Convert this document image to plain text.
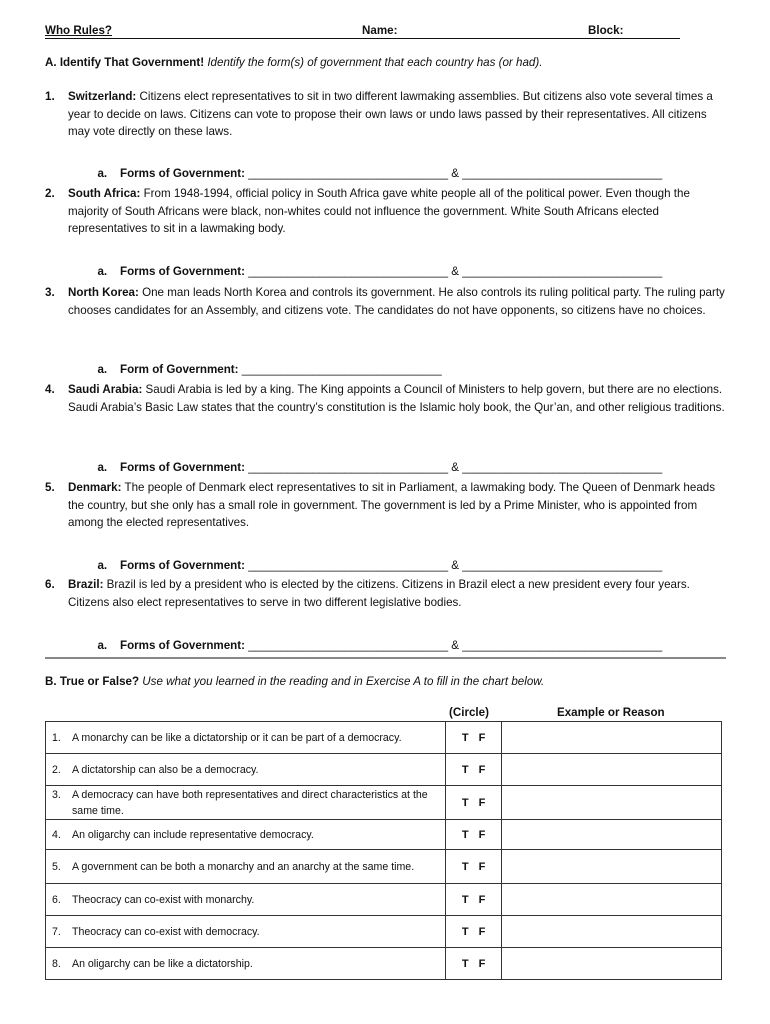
Who Rules?	Name:	Block:
A. Identify That Government! Identify the form(s) of government that each country has (or had).
1. Switzerland: Citizens elect representatives to sit in two different lawmaking assemblies. But citizens also vote several times a year to decide on laws. Citizens can vote to propose their own laws or undo laws passed by their representatives. All citizens may vote directly on these laws.

a.    Forms of Government: _______________________________ & _______________________________

2. South Africa: From 1948-1994, official policy in South Africa gave white people all of the political power. Even though the majority of South Africans were black, non-whites could not influence the government. White South Africans elected representatives to sit in a lawmaking body.

a.    Forms of Government: _______________________________ & _______________________________

3. North Korea: One man leads North Korea and controls its government. He also controls its ruling political party. The ruling party chooses candidates for an Assembly, and citizens vote. The candidates do not have opponents, so citizens have no choices.

a.    Form of Government: _______________________________

4. Saudi Arabia: Saudi Arabia is led by a king. The King appoints a Council of Ministers to help govern, but there are no elections. Saudi Arabia’s Basic Law states that the country’s constitution is the Islamic holy book, the Qur’an, and other religious traditions.

a.    Forms of Government: _______________________________ & _______________________________

5. Denmark: The people of Denmark elect representatives to sit in Parliament, a lawmaking body. The Queen of Denmark heads the country, but she only has a small role in government. The government is led by a Prime Minister, who is appointed from among the elected representatives.

a.    Forms of Government: _______________________________ & _______________________________

6. Brazil: Brazil is led by a president who is elected by the citizens. Citizens in Brazil elect a new president every four years. Citizens also elect representatives to serve in two different legislative bodies.

a.    Forms of Government: _______________________________ & _______________________________

B. True or False? Use what you learned in the reading and in Exercise A to fill in the chart below.
(Circle)	Example or Reason
1. A monarchy can be like a dictatorship or it can be part of a democracy.	T F	

2. A dictatorship can also be a democracy.	T F	

3. A democracy can have both representatives and direct characteristics at the same time.	T F	

4. An oligarchy can include representative democracy.	T F	

5. A government can be both a monarchy and an anarchy at the same time.	T F	

6. Theocracy can co-exist with monarchy.	T F	

7. Theocracy can co-exist with democracy.	T F	

8. An oligarchy can be like a dictatorship.	T F	
